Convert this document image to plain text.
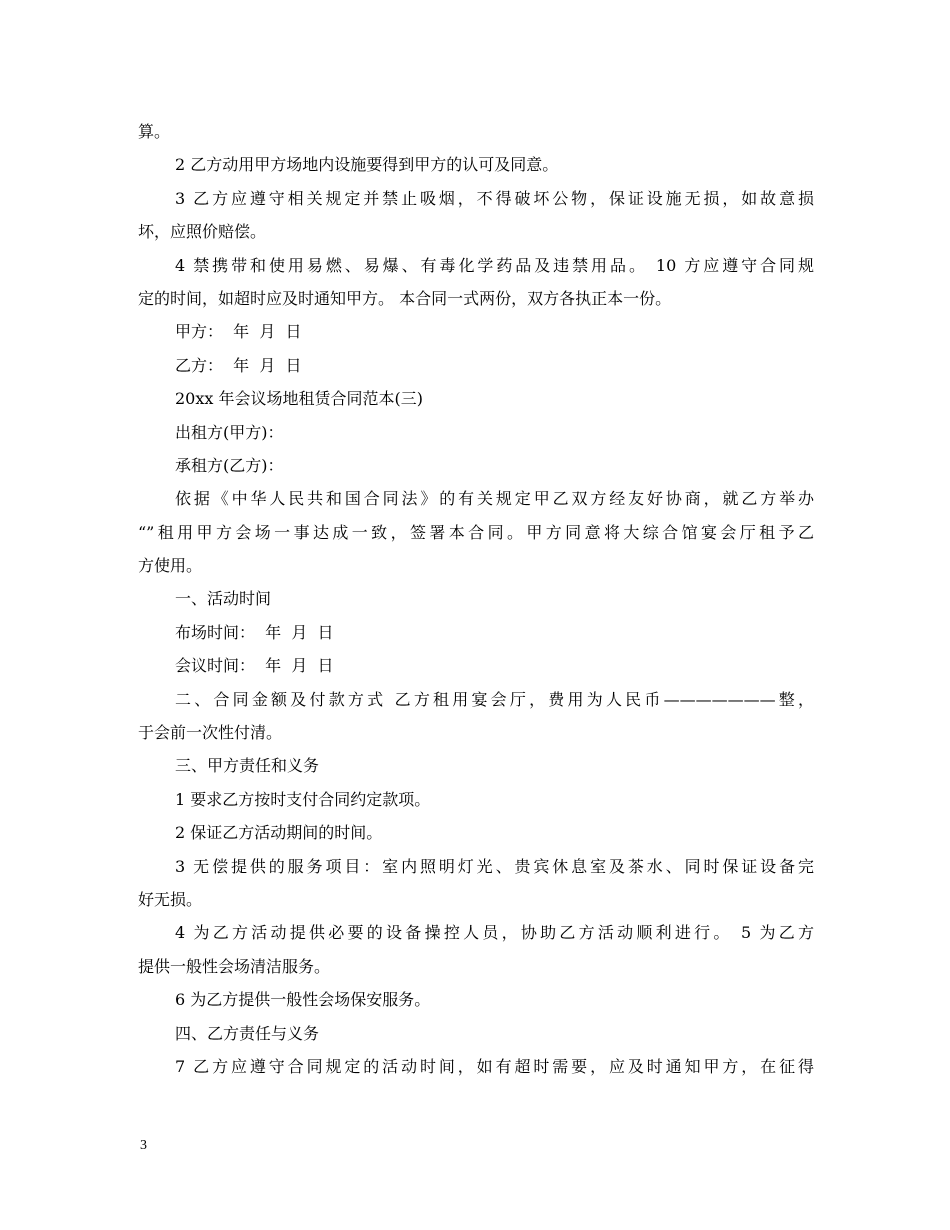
算。
2 乙方动用甲方场地内设施要得到甲方的认可及同意。
3 乙方应遵守相关规定并禁止吸烟，不得破坏公物，保证设施无损，如故意损
坏，应照价赔偿。
4 禁携带和使用易燃、易爆、有毒化学药品及违禁用品。 10 方应遵守合同规
定的时间，如超时应及时通知甲方。 本合同一式两份，双方各执正本一份。
甲方：  年  月  日
乙方：  年  月  日
20xx 年会议场地租赁合同范本(三)
出租方(甲方)：
承租方(乙方)：
依据《中华人民共和国合同法》的有关规定甲乙双方经友好协商，就乙方举办
“”租用甲方会场一事达成一致，签署本合同。甲方同意将大综合馆宴会厅租予乙
方使用。
一、活动时间
布场时间：  年  月  日
会议时间：  年  月  日
二、合同金额及付款方式 乙方租用宴会厅，费用为人民币———————整，
于会前一次性付清。
三、甲方责任和义务
1 要求乙方按时支付合同约定款项。
2 保证乙方活动期间的时间。
3 无偿提供的服务项目：室内照明灯光、贵宾休息室及茶水、同时保证设备完
好无损。
4 为乙方活动提供必要的设备操控人员，协助乙方活动顺利进行。 5 为乙方
提供一般性会场清洁服务。
6 为乙方提供一般性会场保安服务。
四、乙方责任与义务
7 乙方应遵守合同规定的活动时间，如有超时需要，应及时通知甲方，在征得
3
